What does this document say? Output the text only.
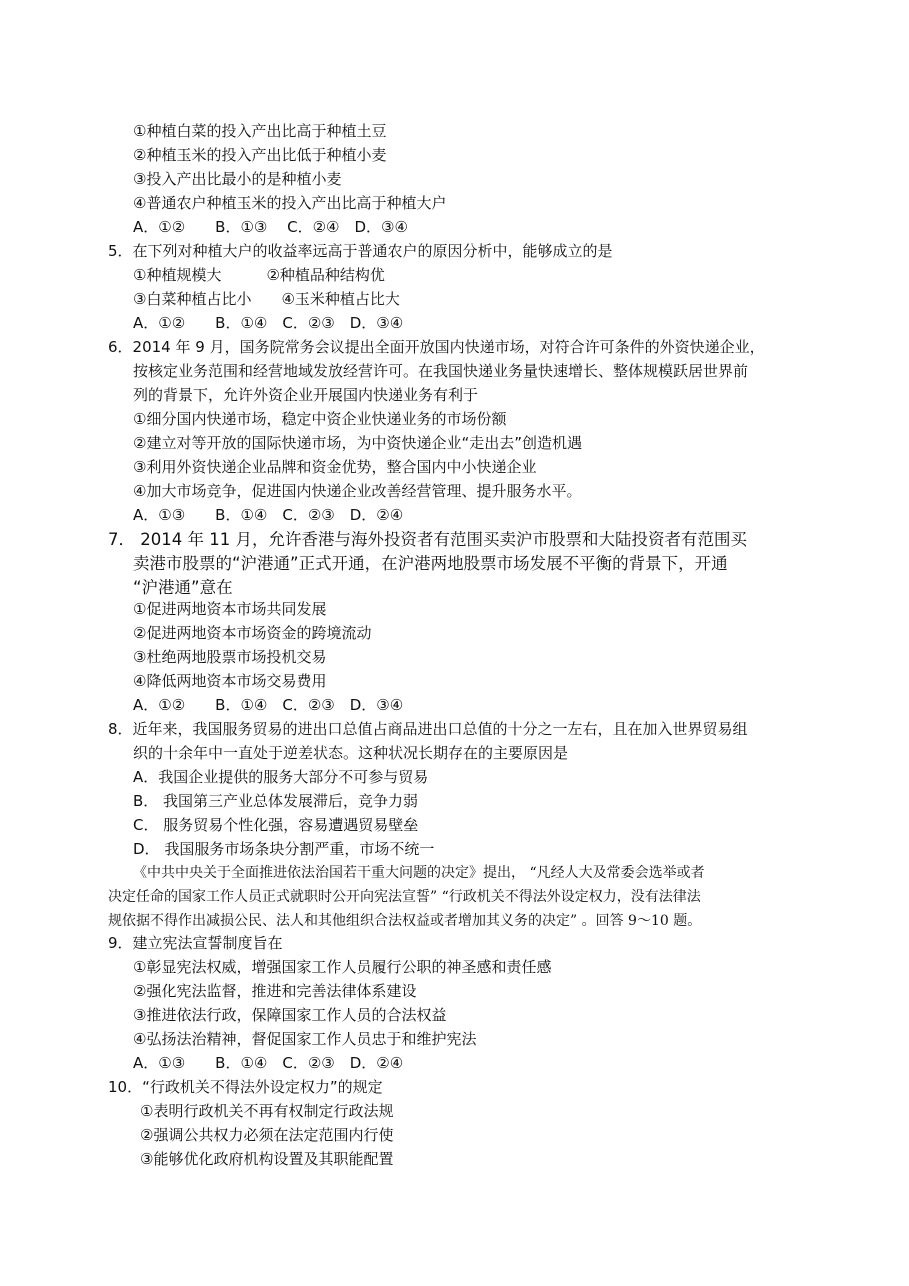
①种植白菜的投入产出比高于种植土豆
②种植玉米的投入产出比低于种植小麦
③投入产出比最小的是种植小麦
④普通农户种植玉米的投入产出比高于种植大户
A．①②　　B．①③　 C．②④　D．③④
5．在下列对种植大户的收益率远高于普通农户的原因分析中，能够成立的是
①种植规模大　　　②种植品种结构优
③白菜种植占比小　　④玉米种植占比大
A．①②　　B．①④　C．②③　D．③④
6．2014 年 9 月，国务院常务会议提出全面开放国内快递市场，对符合许可条件的外资快递企业，
按核定业务范围和经营地域发放经营许可。在我国快递业务量快速增长、整体规模跃居世界前
列的背景下，允许外资企业开展国内快递业务有利于
①细分国内快递市场，稳定中资企业快递业务的市场份额
②建立对等开放的国际快递市场，为中资快递企业“走出去”创造机遇
③利用外资快递企业品牌和资金优势，整合国内中小快递企业
④加大市场竞争，促进国内快递企业改善经营管理、提升服务水平。
A．①③　　B．①④　C．②③　D．②④
7． 2014 年 11 月，允许香港与海外投资者有范围买卖沪市股票和大陆投资者有范围买
卖港市股票的“沪港通”正式开通，在沪港两地股票市场发展不平衡的背景下，开通
“沪港通”意在
①促进两地资本市场共同发展
②促进两地资本市场资金的跨境流动
③杜绝两地股票市场投机交易
④降低两地资本市场交易费用
A．①②　　B．①④　C．②③　D．③④
8．近年来，我国服务贸易的进出口总值占商品进出口总值的十分之一左右，且在加入世界贸易组
织的十余年中一直处于逆差状态。这种状况长期存在的主要原因是
A．我国企业提供的服务大部分不可参与贸易
B． 我国第三产业总体发展滞后，竞争力弱
C． 服务贸易个性化强，容易遭遇贸易壁垒
D． 我国服务市场条块分割严重，市场不统一
《中共中央关于全面推进依法治国若干重大问题的决定》提出， “凡经人大及常委会选举或者
决定任命的国家工作人员正式就职时公开向宪法宣誓” “行政机关不得法外设定权力，没有法律法
规依据不得作出减损公民、法人和其他组织合法权益或者增加其义务的决定” 。回答 9～10 题。
9．建立宪法宣誓制度旨在
①彰显宪法权威，增强国家工作人员履行公职的神圣感和责任感
②强化宪法监督，推进和完善法律体系建设
③推进依法行政，保障国家工作人员的合法权益
④弘扬法治精神，督促国家工作人员忠于和维护宪法
A．①③　　B．①④　C．②③　D．②④
10．“行政机关不得法外设定权力”的规定
①表明行政机关不再有权制定行政法规
②强调公共权力必须在法定范围内行使
③能够优化政府机构设置及其职能配置
